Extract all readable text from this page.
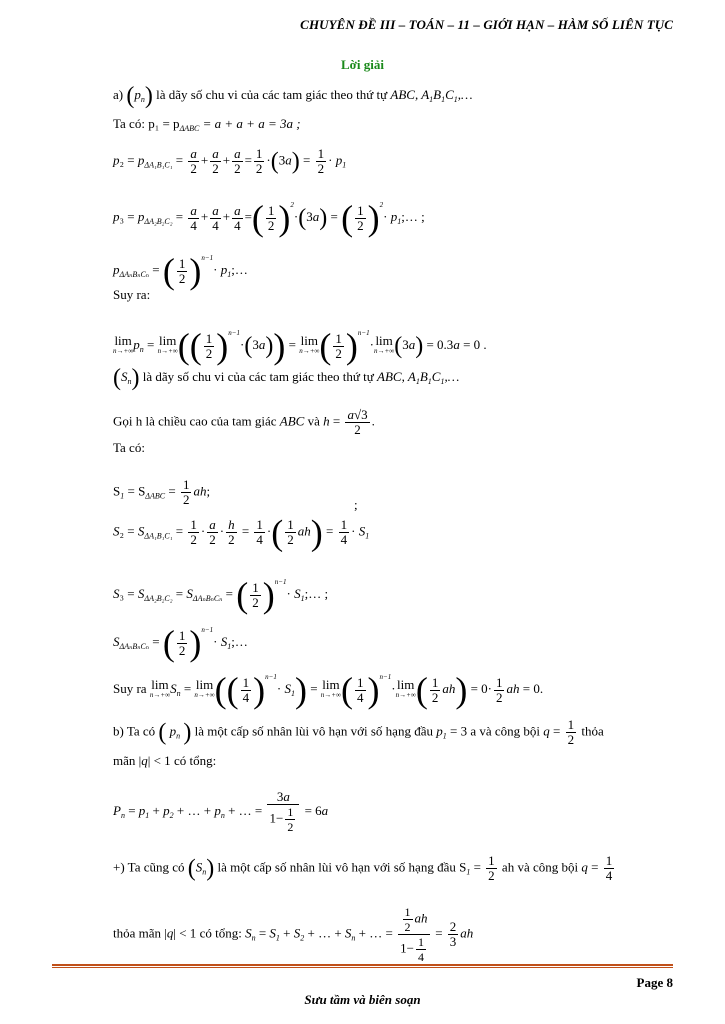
CHUYÊN ĐỀ III – TOÁN – 11 – GIỚI HẠN – HÀM SỐ LIÊN TỤC
Lời giải
a) $(p_n)$ là dãy số chu vi của các tam giác theo thứ tự ABC, $A_1B_1C_1,\dots$
Ta có: $p_1 = p_{\Delta ABC} = a + a + a = 3a$ ;
$p_2 = p_{\Delta A_1B_1C_1} = \frac{a}{2} + \frac{a}{2} + \frac{a}{2} = \frac{1}{2} \cdot(3a) = \frac{1}{2} \cdot p_1$
$p_3 = p_{\Delta A_2B_2C_2} = \frac{a}{4} + \frac{a}{4} + \frac{a}{4}$ =( $\frac{1}{2} )^2\cdot(3a)$ = ( $\frac{1}{2} )^2\cdot$ $p_1;\dots$ ;
$p_{\Delta A_nB_nC_n}$ = ( $\frac{1}{2} )^{n-1}\cdot$ $p_1;\dots$
Suy ra:
lim
n→+∞ $p_n = \lim$
n→+∞ (( $\frac{1}{2} )^{n-1}\cdot(3a)) = \lim$
n→+∞ ( $\frac{1}{2} )^{n-1}\cdot\lim$
n→+∞ (3a) = 0.3a = 0 .
$(S_n)$ là dãy số chu vi của các tam giác theo thứ tự ABC, $A_1B_1C_1,\dots$
Gọi h là chiều cao của tam giác ABC và $h = \frac{a√3}{2}$ .
Ta có:
$S_1 = S_{\Delta ABC} = \frac{1}{2}$ ah;
$S_2 = S_{\Delta A_1B_1C_1} = \frac{1}{2} \cdot \frac{a}{2} \cdot \frac{h}{2} = \frac{1}{4}$ ·( $\frac{1}{2} ah) = \frac{1}{4} \cdot S_1$
;
$S_3 = S_{\Delta A_2B_2C_2} = S_{\Delta A_nB_nC_n}$ = ( $\frac{1}{2} )^{n-1}\cdot$ $S_1;\dots$ ;
$S_{\Delta A_nB_nC_n}$ = ( $\frac{1}{2} )^{n-1}\cdot$ $S_1;\dots$
Suy ra lim
n→+∞ $S_n = \lim$
n→+∞ (( $\frac{1}{4} )^{n-1}\cdot S_1) = \lim$
n→+∞ ( $\frac{1}{4} )^{n-1}\cdot\lim$
n→+∞ ( $\frac{1}{2} ah) = 0\cdot \frac{1}{2}$ ah = 0.
b) Ta có ( $p_n$ ) là một cấp số nhân lùi vô hạn với số hạng đầu $p_1 = 3$ a và công bội $q = \frac{1}{2}$ thỏa
mãn |q| < 1 có tổng:
$P_n = p_1 + p_2$ + … + $p_n$ + … = $\frac{3a}{1- \frac{1}{2}} = 6a$
+) Ta cũng có $(S_n)$ là một cấp số nhân lùi vô hạn với số hạng đầu $S_1 = \frac{1}{2}$ ah và công bội $q = \frac{1}{4}$
thỏa mãn |q| < 1 có tổng: $S_n = S_1 + S_2$ + … + $S_n$ + … = $\frac{\frac{1}{2} ah}{1- \frac{1}{4}} = \frac{2}{3}$ ah
Page 8
Sưu tầm và biên soạn
